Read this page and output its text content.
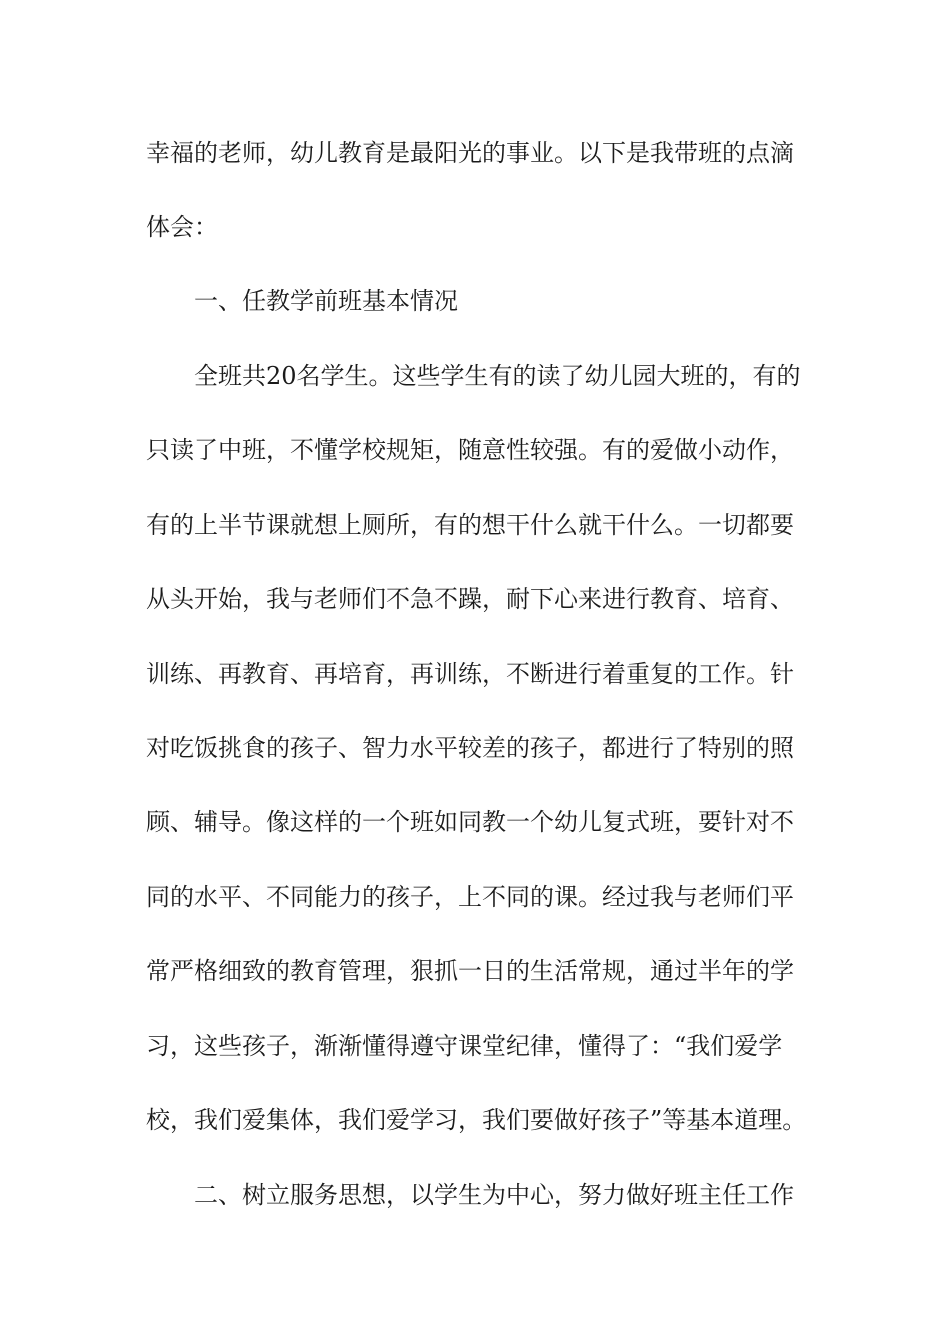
幸福的老师，幼儿教育是最阳光的事业。以下是我带班的点滴
体会：
一、任教学前班基本情况
全班共20名学生。这些学生有的读了幼儿园大班的，有的
只读了中班，不懂学校规矩，随意性较强。有的爱做小动作，
有的上半节课就想上厕所，有的想干什么就干什么。一切都要
从头开始，我与老师们不急不躁，耐下心来进行教育、培育、
训练、再教育、再培育，再训练，不断进行着重复的工作。针
对吃饭挑食的孩子、智力水平较差的孩子，都进行了特别的照
顾、辅导。像这样的一个班如同教一个幼儿复式班，要针对不
同的水平、不同能力的孩子，上不同的课。经过我与老师们平
常严格细致的教育管理，狠抓一日的生活常规，通过半年的学
习，这些孩子，渐渐懂得遵守课堂纪律，懂得了：“我们爱学
校，我们爱集体，我们爱学习，我们要做好孩子”等基本道理。
二、树立服务思想，以学生为中心，努力做好班主任工作
